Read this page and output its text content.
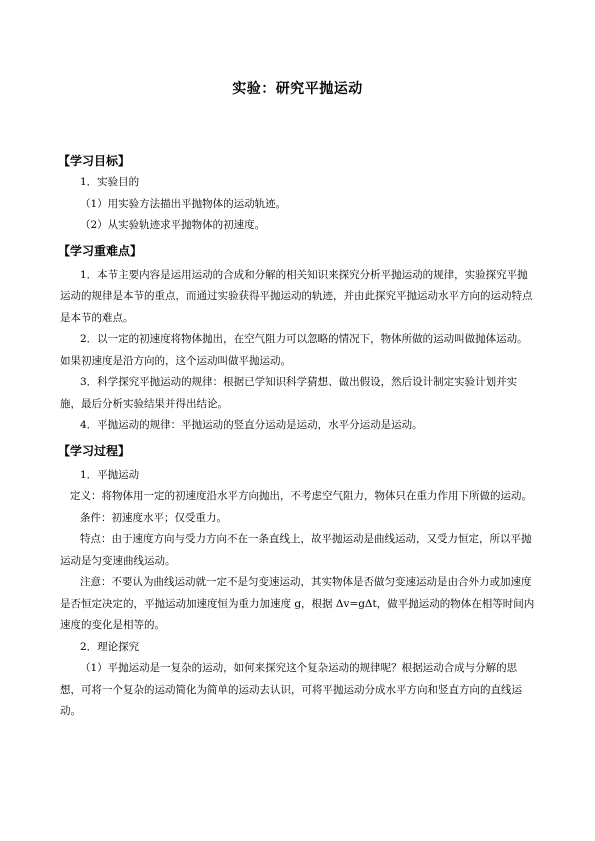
实验：研究平抛运动
【学习目标】

1．实验目的

（1）用实验方法描出平抛物体的运动轨迹。

（2）从实验轨迹求平抛物体的初速度。

【学习重难点】

1．本节主要内容是运用运动的合成和分解的相关知识来探究分析平抛运动的规律，实验探究平抛运动的规律是本节的重点，而通过实验获得平抛运动的轨迹，并由此探究平抛运动水平方向的运动特点是本节的难点。

2．以一定的初速度将物体抛出，在空气阻力可以忽略的情况下，物体所做的运动叫做抛体运动。如果初速度是沿方向的，这个运动叫做平抛运动。

3．科学探究平抛运动的规律：根据已学知识科学猜想、做出假设，然后设计制定实验计划并实施，最后分析实验结果并得出结论。

4．平抛运动的规律：平抛运动的竖直分运动是运动，水平分运动是运动。

【学习过程】

1．平抛运动

定义：将物体用一定的初速度沿水平方向抛出，不考虑空气阻力，物体只在重力作用下所做的运动。

条件：初速度水平；仅受重力。

特点：由于速度方向与受力方向不在一条直线上，故平抛运动是曲线运动，又受力恒定，所以平抛运动是匀变速曲线运动。

注意：不要认为曲线运动就一定不是匀变速运动，其实物体是否做匀变速运动是由合外力或加速度是否恒定决定的，平抛运动加速度恒为重力加速度 g，根据 Δv=gΔt，做平抛运动的物体在相等时间内速度的变化是相等的。

2．理论探究

（1）平抛运动是一复杂的运动，如何来探究这个复杂运动的规律呢？根据运动合成与分解的思想，可将一个复杂的运动简化为简单的运动去认识，可将平抛运动分成水平方向和竖直方向的直线运动。
